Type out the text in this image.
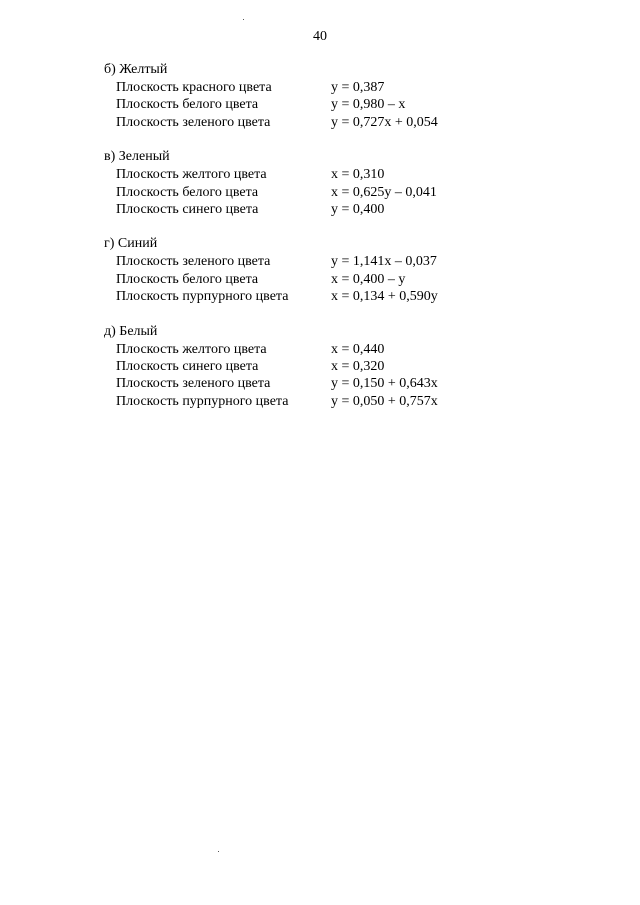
40
б) Желтый
Плоскость красного цвета	y = 0,387
Плоскость белого цвета	y = 0,980 – x
Плоскость зеленого цвета	y = 0,727x + 0,054
в) Зеленый
Плоскость желтого цвета	x = 0,310
Плоскость белого цвета	x = 0,625y – 0,041
Плоскость синего цвета	y = 0,400
г) Синий
Плоскость зеленого цвета	y = 1,141x – 0,037
Плоскость белого цвета	x = 0,400 – y
Плоскость пурпурного цвета	x = 0,134 + 0,590y
д) Белый
Плоскость желтого цвета	x = 0,440
Плоскость синего цвета	x = 0,320
Плоскость зеленого цвета	y = 0,150 + 0,643x
Плоскость пурпурного цвета	y = 0,050 + 0,757x
